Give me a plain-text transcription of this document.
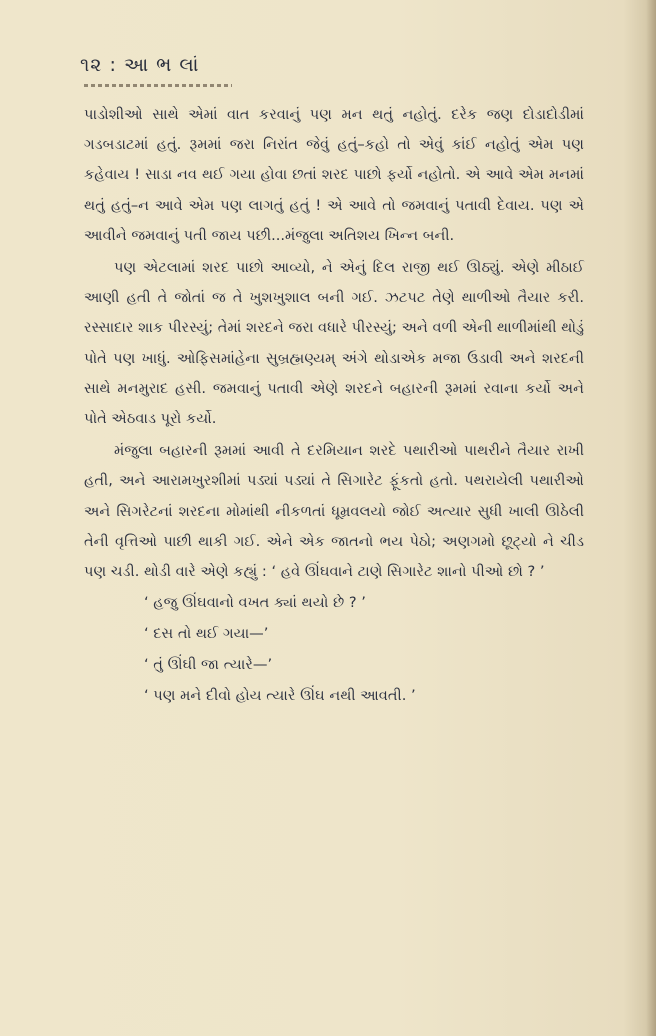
૧૨ : આ ભ લાં

પાડોશીઓ સાથે એમાં વાત કરવાનું પણ મન થતું નહોતું. દરેક જણ દોડાદોડીમાં ગડબડાટમાં હતું. રૂમમાં જરા નિરાંત જેવું હતું–કહો તો એવું કાંઈ નહોતું એમ પણ કહેવાય ! સાડા નવ થઈ ગયા હોવા છતાં શરદ પાછો ફર્યો નહોતો. એ આવે એમ મનમાં થતું હતું–ન આવે એમ પણ લાગતું હતું ! એ આવે તો જમવાનું પતાવી દેવાય. પણ એ આવીને જમવાનું પતી જાય પછી...મંજુલા અતિશય ખિન્ન બની.

પણ એટલામાં શરદ પાછો આવ્યો, ને એનું દિલ રાજી થઈ ઊઠ્યું. એણે મીઠાઈ આણી હતી તે જોતાં જ તે ખુશખુશાલ બની ગઈ. ઝટપટ તેણે થાળીઓ તૈયાર કરી. રસ્સાદાર શાક પીરસ્યું; તેમાં શરદને જરા વધારે પીરસ્યું; અને વળી એની થાળીમાંથી થોડું પોતે પણ ખાધું. ઓફિસમાંહેના સુબ્રહ્મણ્યમ્ અંગે થોડાએક મજા ઉડાવી અને શરદની સાથે મનમુરાદ હસી. જમવાનું પતાવી એણે શરદને બહારની રૂમમાં રવાના કર્યો અને પોતે એઠવાડ પૂરો કર્યો.

મંજુલા બહારની રૂમમાં આવી તે દરમિયાન શરદે પથારીઓ પાથરીને તૈયાર રાખી હતી, અને આરામખુરશીમાં પડ્યાં પડ્યાં તે સિગારેટ ફૂંકતો હતો. પથરાયેલી પથારીઓ અને સિગરેટનાં શરદના મોમાંથી નીકળતાં ધૂમ્રવલયો જોઈ અત્યાર સુધી ખાલી ઊઠેલી તેની વૃત્તિઓ પાછી થાકી ગઈ. એને એક જાતનો ભય પેઠો; અણગમો છૂટ્યો ને ચીડ પણ ચડી. થોડી વારે એણે કહ્યું : ‘ હવે ઊંઘવાને ટાણે સિગારેટ શાનો પીઓ છો ? ’

‘ હજુ ઊંઘવાનો વખત ક્યાં થયો છે ? ’

‘ દસ તો થઈ ગયા—’

‘ તું ઊંઘી જા ત્યારે—’

‘ પણ મને દીવો હોય ત્યારે ઊંઘ નથી આવતી. ’
